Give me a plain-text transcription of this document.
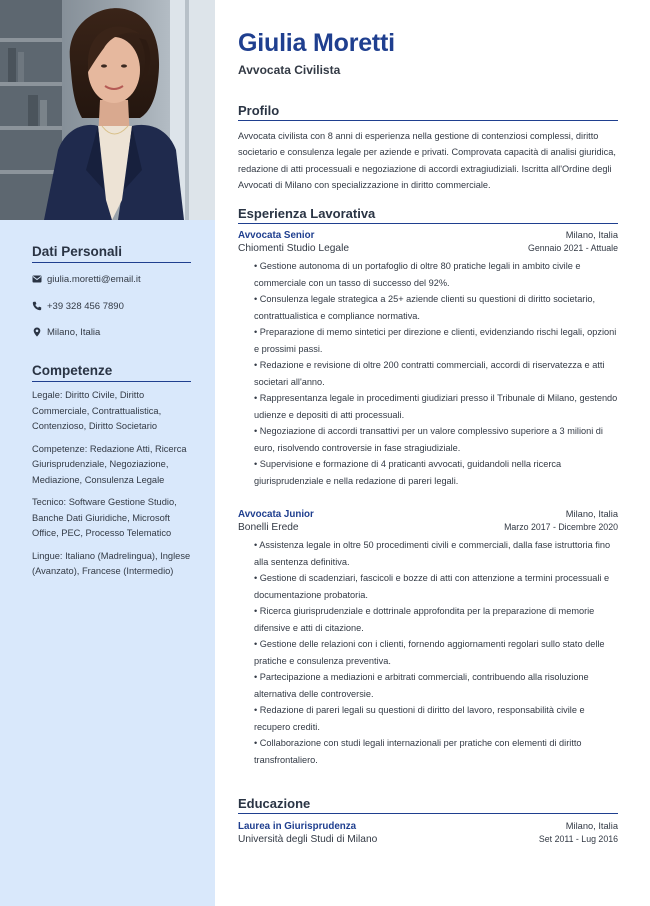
Dati Personali
giulia.moretti@email.it
+39 328 456 7890
Milano, Italia
Competenze

Legale: Diritto Civile, Diritto Commerciale, Contrattualistica, Contenzioso, Diritto Societario

Competenze: Redazione Atti, Ricerca Giurisprudenziale, Negoziazione, Mediazione, Consulenza Legale

Tecnico: Software Gestione Studio, Banche Dati Giuridiche, Microsoft Office, PEC, Processo Telematico

Lingue: Italiano (Madrelingua), Inglese (Avanzato), Francese (Intermedio)

Giulia Moretti
Avvocata Civilista
Profilo

Avvocata civilista con 8 anni di esperienza nella gestione di contenziosi complessi, diritto societario e consulenza legale per aziende e privati. Comprovata capacità di analisi giuridica, redazione di atti processuali e negoziazione di accordi extragiudiziali. Iscritta all'Ordine degli Avvocati di Milano con specializzazione in diritto commerciale.

Esperienza Lavorativa
Avvocata Senior	Milano, Italia
Chiomenti Studio Legale	Gennaio 2021 - Attuale
• Gestione autonoma di un portafoglio di oltre 80 pratiche legali in ambito civile e commerciale con un tasso di successo del 92%.
• Consulenza legale strategica a 25+ aziende clienti su questioni di diritto societario, contrattualistica e compliance normativa.
• Preparazione di memo sintetici per direzione e clienti, evidenziando rischi legali, opzioni e prossimi passi.
• Redazione e revisione di oltre 200 contratti commerciali, accordi di riservatezza e atti societari all'anno.
• Rappresentanza legale in procedimenti giudiziari presso il Tribunale di Milano, gestendo udienze e depositi di atti processuali.
• Negoziazione di accordi transattivi per un valore complessivo superiore a 3 milioni di euro, risolvendo controversie in fase stragiudiziale.
• Supervisione e formazione di 4 praticanti avvocati, guidandoli nella ricerca giurisprudenziale e nella redazione di pareri legali.
Avvocata Junior	Milano, Italia
Bonelli Erede	Marzo 2017 - Dicembre 2020
• Assistenza legale in oltre 50 procedimenti civili e commerciali, dalla fase istruttoria fino alla sentenza definitiva.
• Gestione di scadenziari, fascicoli e bozze di atti con attenzione a termini processuali e documentazione probatoria.
• Ricerca giurisprudenziale e dottrinale approfondita per la preparazione di memorie difensive e atti di citazione.
• Gestione delle relazioni con i clienti, fornendo aggiornamenti regolari sullo stato delle pratiche e consulenza preventiva.
• Partecipazione a mediazioni e arbitrati commerciali, contribuendo alla risoluzione alternativa delle controversie.
• Redazione di pareri legali su questioni di diritto del lavoro, responsabilità civile e recupero crediti.
• Collaborazione con studi legali internazionali per pratiche con elementi di diritto transfrontaliero.
Educazione
Laurea in Giurisprudenza	Milano, Italia
Università degli Studi di Milano	Set 2011 - Lug 2016
